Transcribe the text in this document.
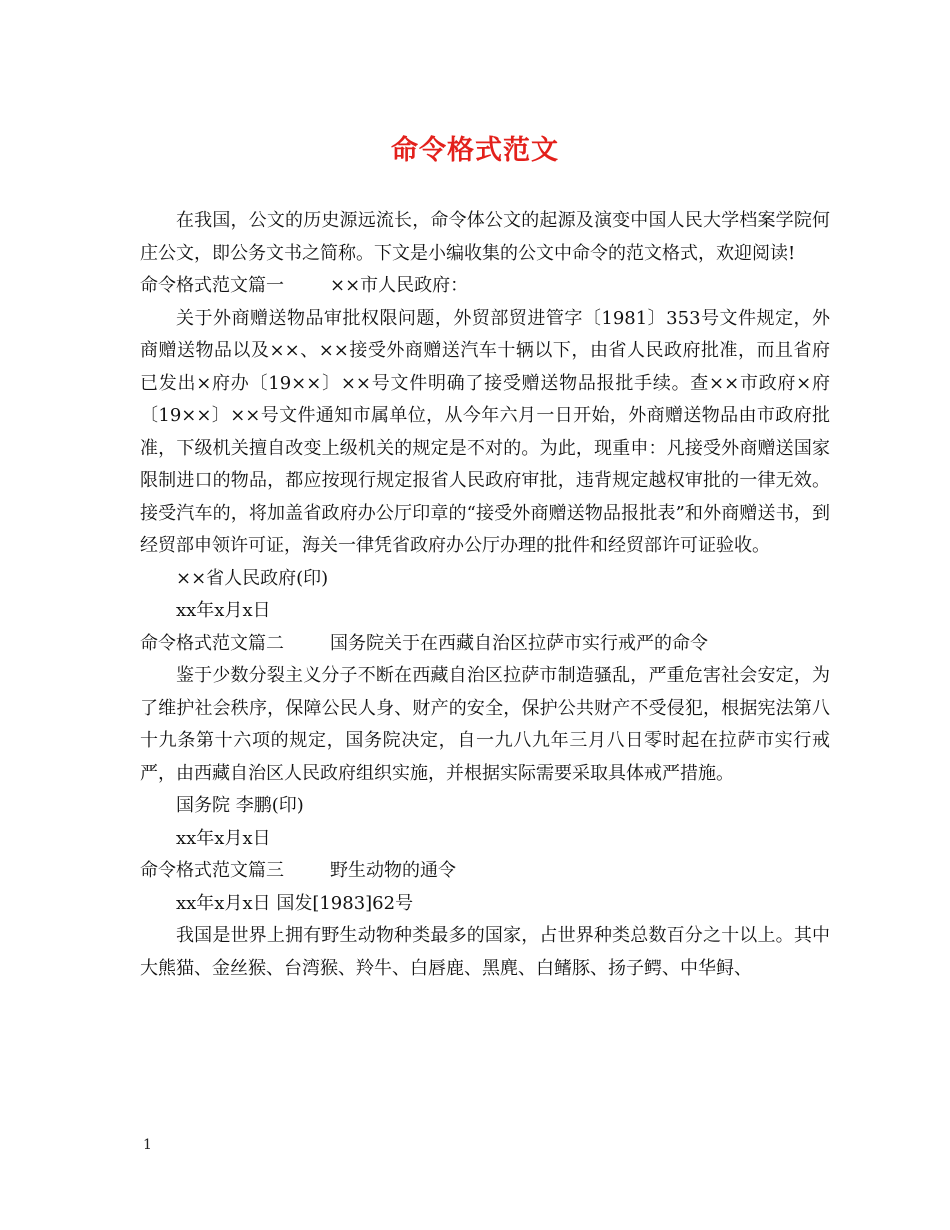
命令格式范文

在我国，公文的历史源远流长，命令体公文的起源及演变中国人民大学档案学院何庄公文，即公务文书之简称。下文是小编收集的公文中命令的范文格式，欢迎阅读!

命令格式范文篇一	××市人民政府：

关于外商赠送物品审批权限问题，外贸部贸进管字〔1981〕353号文件规定，外商赠送物品以及××、××接受外商赠送汽车十辆以下，由省人民政府批准，而且省府已发出×府办〔19××〕××号文件明确了接受赠送物品报批手续。查××市政府×府〔19××〕××号文件通知市属单位，从今年六月一日开始，外商赠送物品由市政府批准，下级机关擅自改变上级机关的规定是不对的。为此，现重申：凡接受外商赠送国家限制进口的物品，都应按现行规定报省人民政府审批，违背规定越权审批的一律无效。接受汽车的，将加盖省政府办公厅印章的“接受外商赠送物品报批表”和外商赠送书，到经贸部申领许可证，海关一律凭省政府办公厅办理的批件和经贸部许可证验收。

××省人民政府(印)

xx年x月x日

命令格式范文篇二	国务院关于在西藏自治区拉萨市实行戒严的命令

鉴于少数分裂主义分子不断在西藏自治区拉萨市制造骚乱，严重危害社会安定，为了维护社会秩序，保障公民人身、财产的安全，保护公共财产不受侵犯，根据宪法第八十九条第十六项的规定，国务院决定，自一九八九年三月八日零时起在拉萨市实行戒严，由西藏自治区人民政府组织实施，并根据实际需要采取具体戒严措施。

国务院 李鹏(印)

xx年x月x日

命令格式范文篇三	野生动物的通令

xx年x月x日 国发[1983]62号

我国是世界上拥有野生动物种类最多的国家，占世界种类总数百分之十以上。其中大熊猫、金丝猴、台湾猴、羚牛、白唇鹿、黑麂、白鳍豚、扬子鳄、中华鲟、

1
